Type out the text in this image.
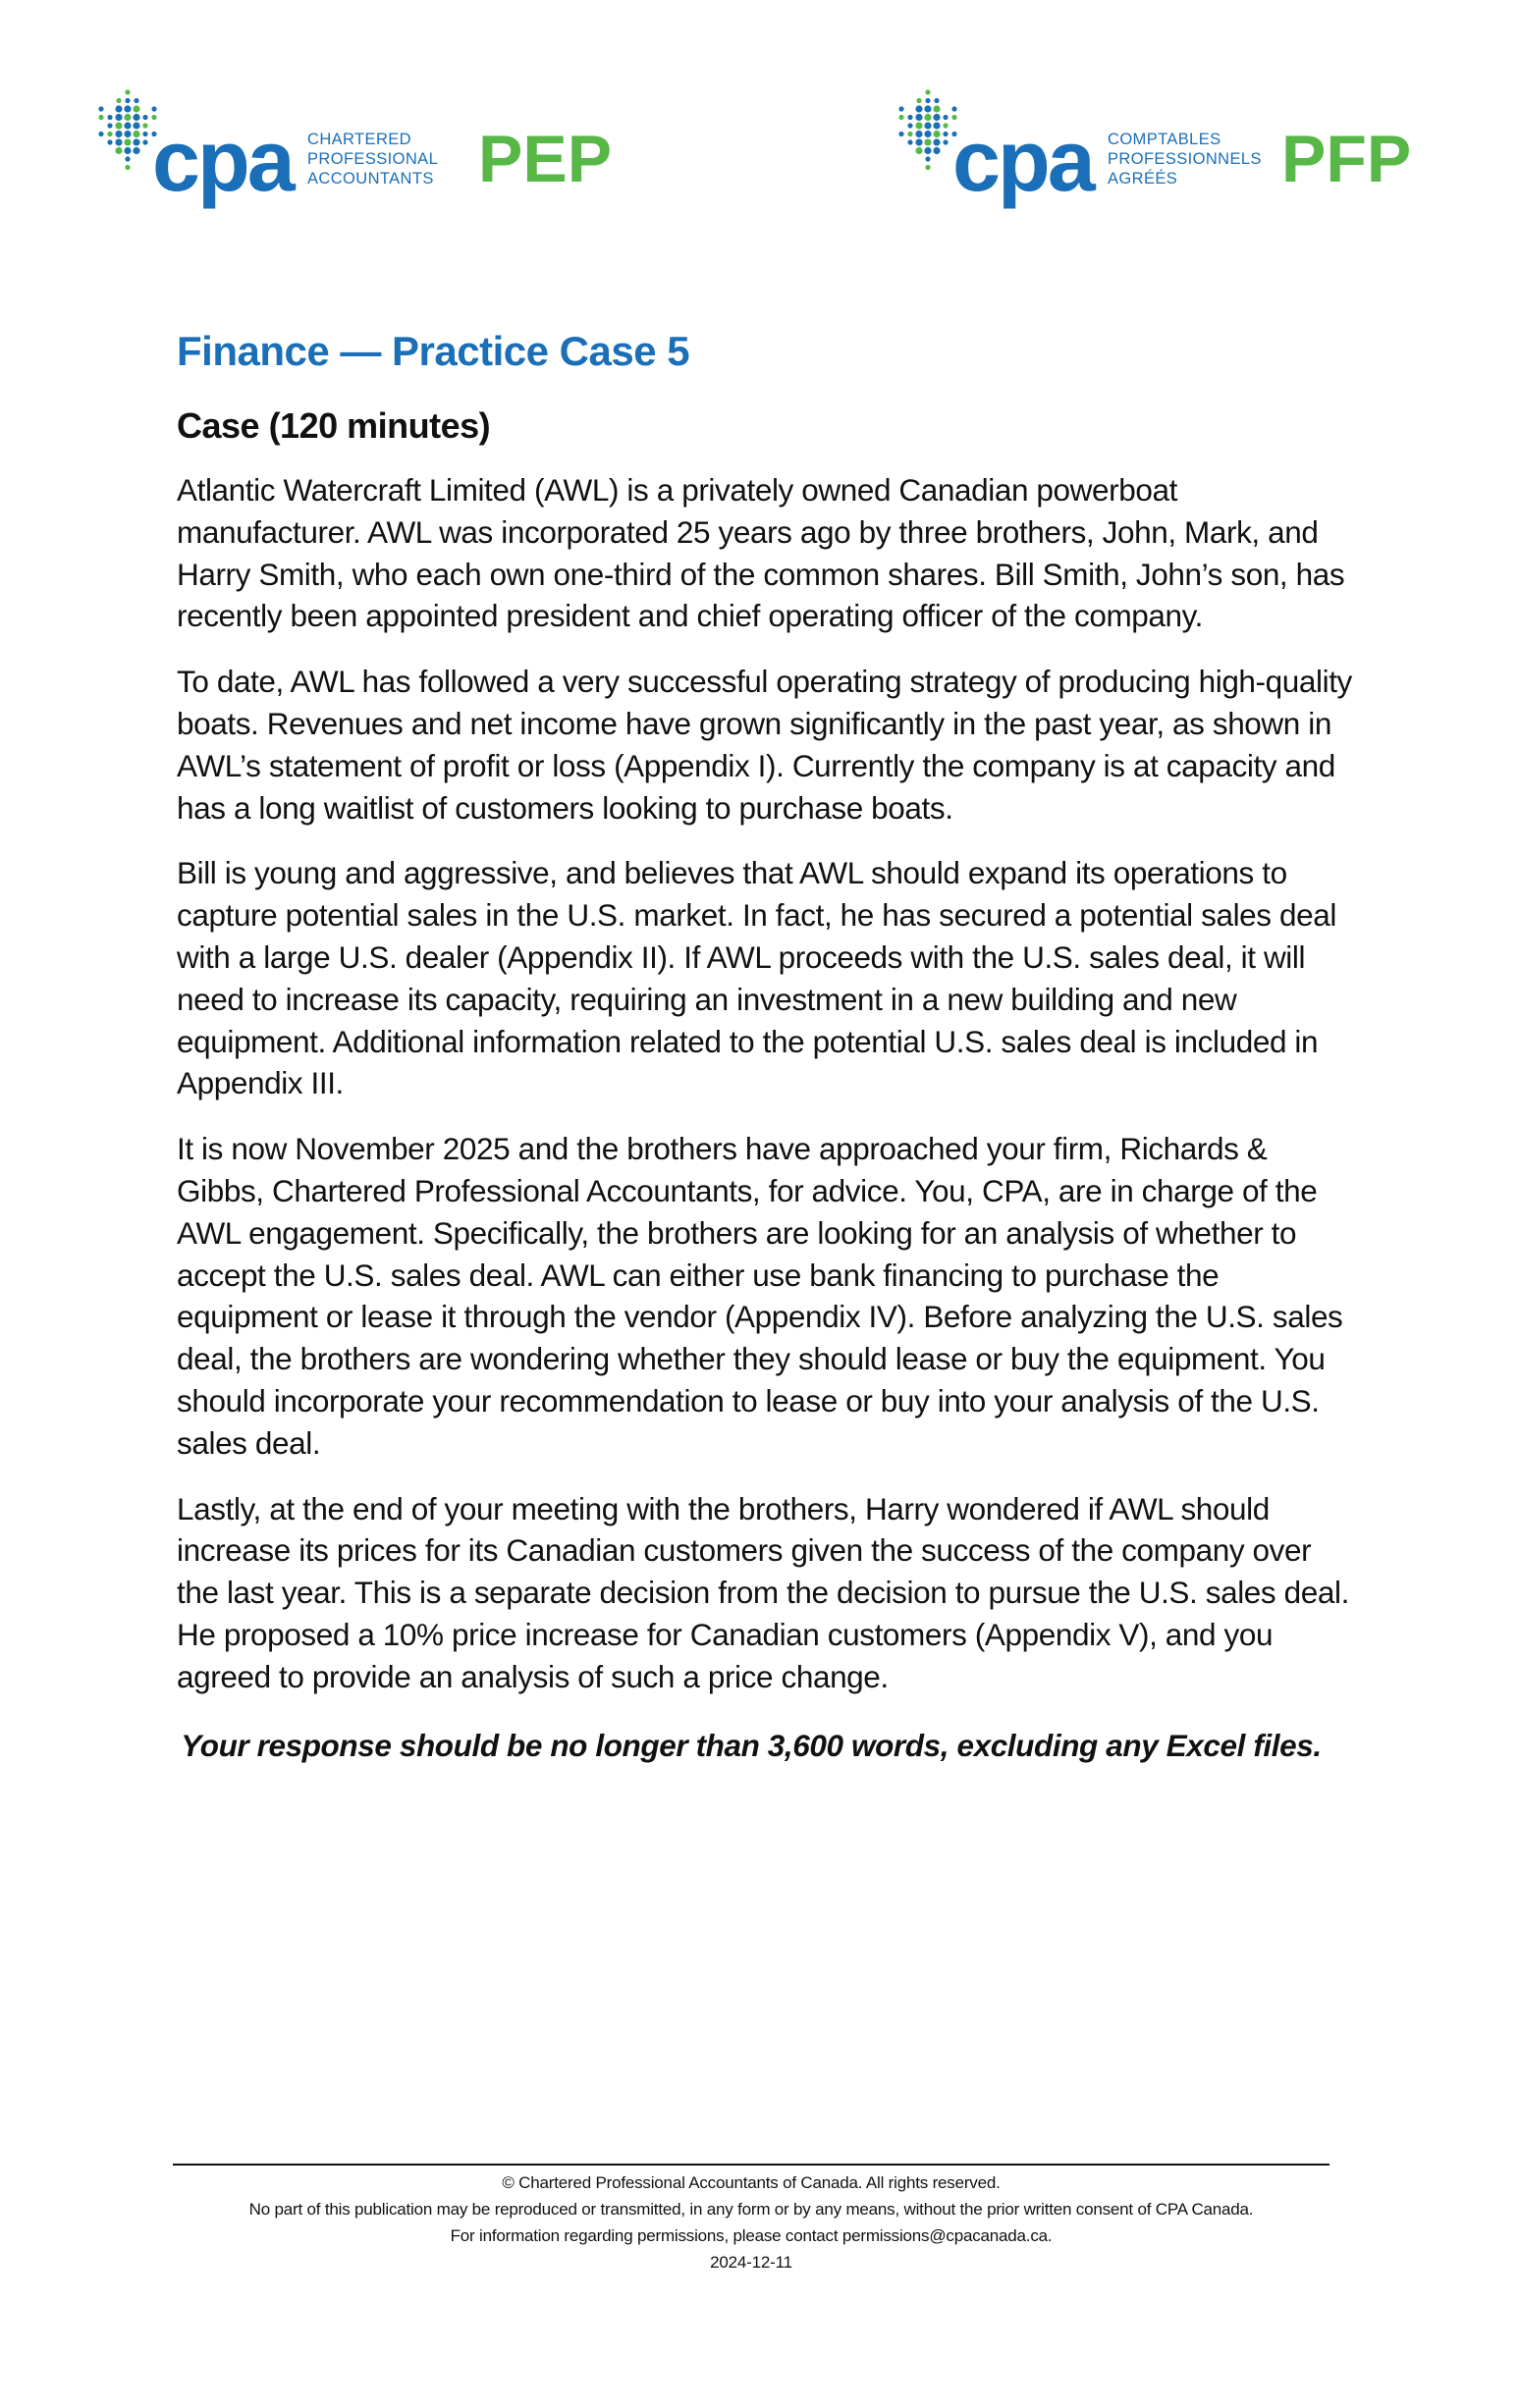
cpa CHARTERED
PROFESSIONAL
ACCOUNTANTS PEP	cpa COMPTABLES
PROFESSIONNELS
AGRÉÉS	PFP
Finance — Practice Case 5
Case (120 minutes)

Atlantic Watercraft Limited (AWL) is a privately owned Canadian powerboat manufacturer. AWL was incorporated 25 years ago by three brothers, John, Mark, and Harry Smith, who each own one-third of the common shares. Bill Smith, John’s son, has recently been appointed president and chief operating officer of the company.

To date, AWL has followed a very successful operating strategy of producing high-quality boats. Revenues and net income have grown significantly in the past year, as shown in AWL’s statement of profit or loss (Appendix I). Currently the company is at capacity and has a long waitlist of customers looking to purchase boats.

Bill is young and aggressive, and believes that AWL should expand its operations to capture potential sales in the U.S. market. In fact, he has secured a potential sales deal with a large U.S. dealer (Appendix II). If AWL proceeds with the U.S. sales deal, it will need to increase its capacity, requiring an investment in a new building and new equipment. Additional information related to the potential U.S. sales deal is included in Appendix III.

It is now November 2025 and the brothers have approached your firm, Richards & Gibbs, Chartered Professional Accountants, for advice. You, CPA, are in charge of the AWL engagement. Specifically, the brothers are looking for an analysis of whether to accept the U.S. sales deal. AWL can either use bank financing to purchase the equipment or lease it through the vendor (Appendix IV). Before analyzing the U.S. sales deal, the brothers are wondering whether they should lease or buy the equipment. You should incorporate your recommendation to lease or buy into your analysis of the U.S. sales deal.

Lastly, at the end of your meeting with the brothers, Harry wondered if AWL should increase its prices for its Canadian customers given the success of the company over the last year. This is a separate decision from the decision to pursue the U.S. sales deal. He proposed a 10% price increase for Canadian customers (Appendix V), and you agreed to provide an analysis of such a price change.

Your response should be no longer than 3,600 words, excluding any Excel files.

© Chartered Professional Accountants of Canada. All rights reserved.
No part of this publication may be reproduced or transmitted, in any form or by any means, without the prior written consent of CPA Canada.
For information regarding permissions, please contact permissions@cpacanada.ca.
2024-12-11
